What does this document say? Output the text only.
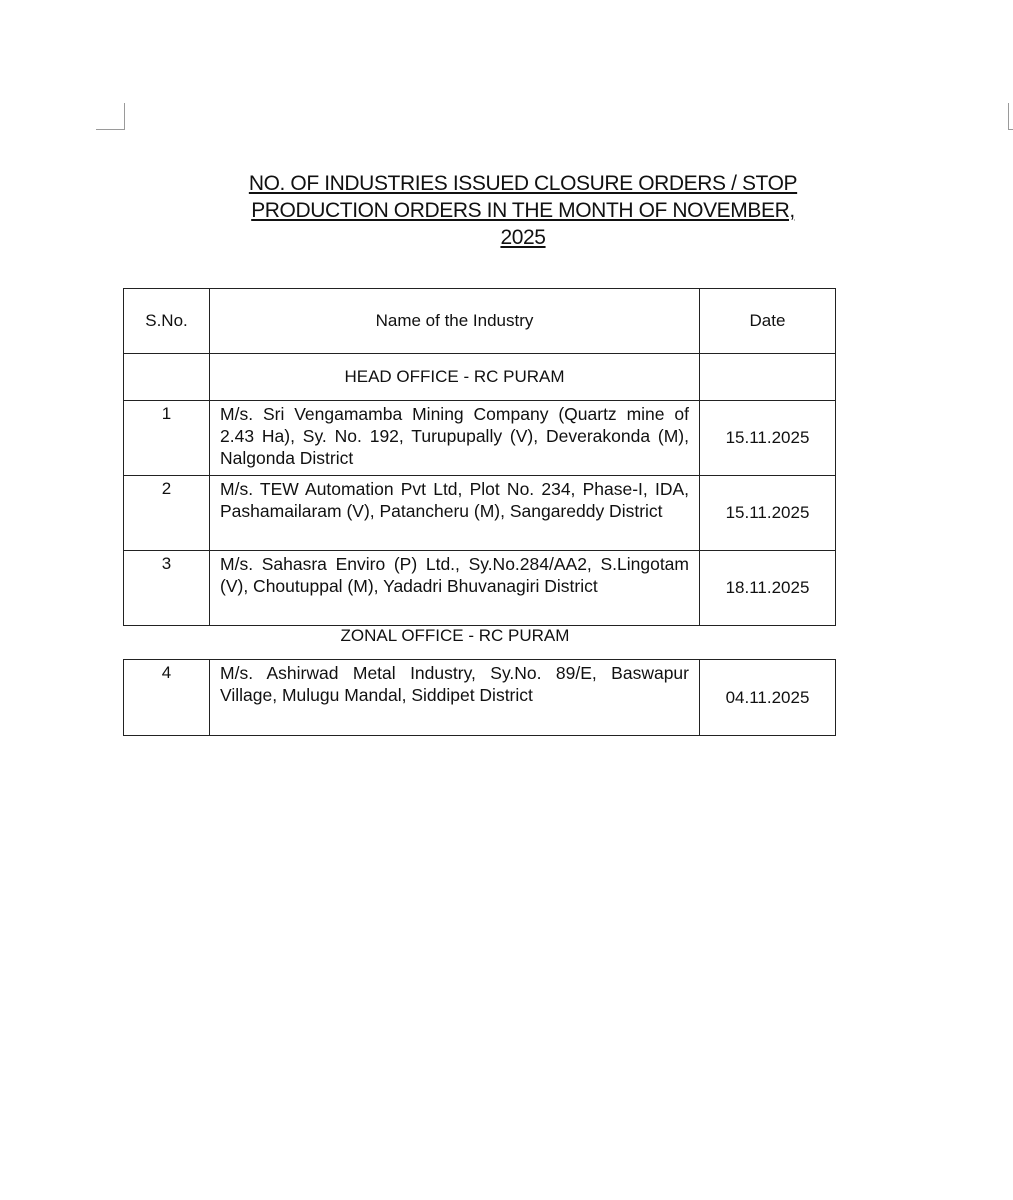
NO. OF INDUSTRIES ISSUED CLOSURE ORDERS / STOP
PRODUCTION ORDERS IN THE MONTH OF NOVEMBER,
2025
S.No.	Name of the Industry	Date
	HEAD OFFICE - RC PURAM	
1	M/s. Sri Vengamamba Mining Company (Quartz mine of 2.43 Ha), Sy. No. 192, Turupupally (V), Deverakonda (M), Nalgonda District	15.11.2025
2	M/s. TEW Automation Pvt Ltd, Plot No. 234, Phase-I, IDA, Pashamailaram (V), Patancheru (M), Sangareddy District	15.11.2025
3	M/s. Sahasra Enviro (P) Ltd., Sy.No.284/AA2, S.Lingotam (V), Choutuppal (M), Yadadri Bhuvanagiri District	18.11.2025
ZONAL OFFICE - RC PURAM
4	M/s. Ashirwad Metal Industry, Sy.No. 89/E, Baswapur Village, Mulugu Mandal, Siddipet District	04.11.2025
